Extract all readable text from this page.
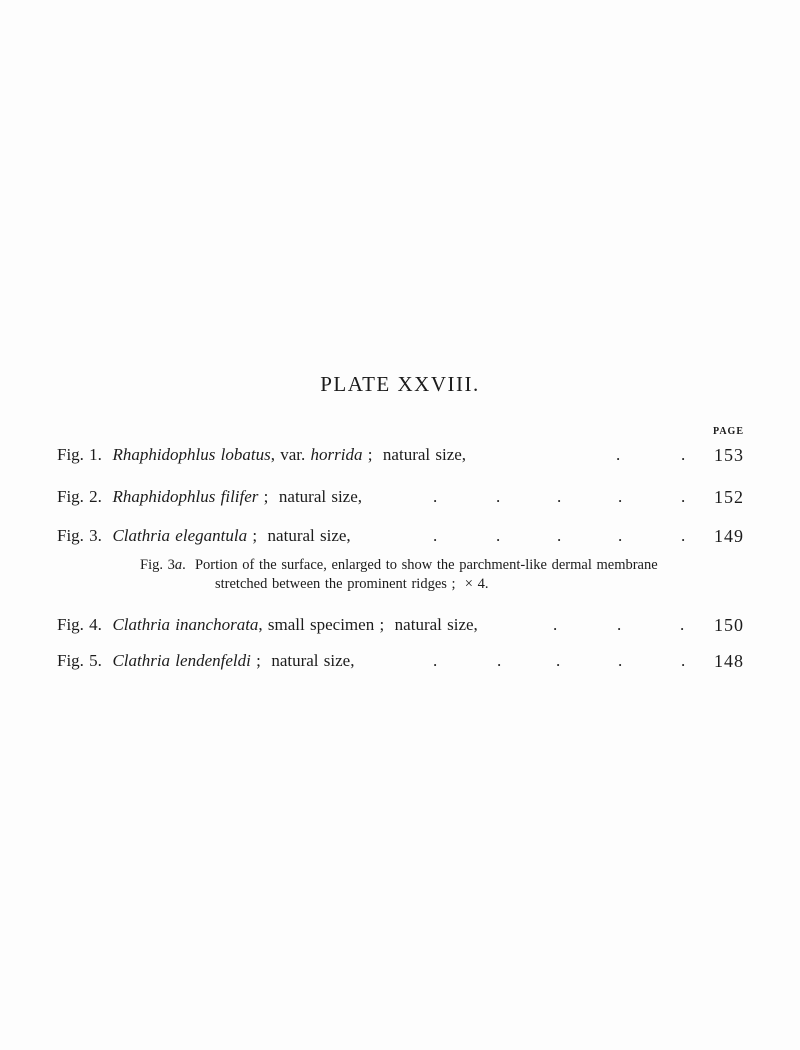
PLATE XXVIII.
PAGE
Fig. 1.  Rhaphidophlus lobatus, var. horrida ;  natural size,	.	. 153
Fig. 2.  Rhaphidophlus filifer ;  natural size,	.	.	.	.	. 152
Fig. 3.  Clathria elegantula ;  natural size,	.	.	.	.	. 149
Fig. 4.  Clathria inanchorata, small specimen ;  natural size,	.	.	. 150
Fig. 5.  Clathria lendenfeldi ;  natural size,	.	.	.	.	. 148
Fig. 3a.  Portion of the surface, enlarged to show the parchment-like dermal membrane
stretched between the prominent ridges ;  × 4.
